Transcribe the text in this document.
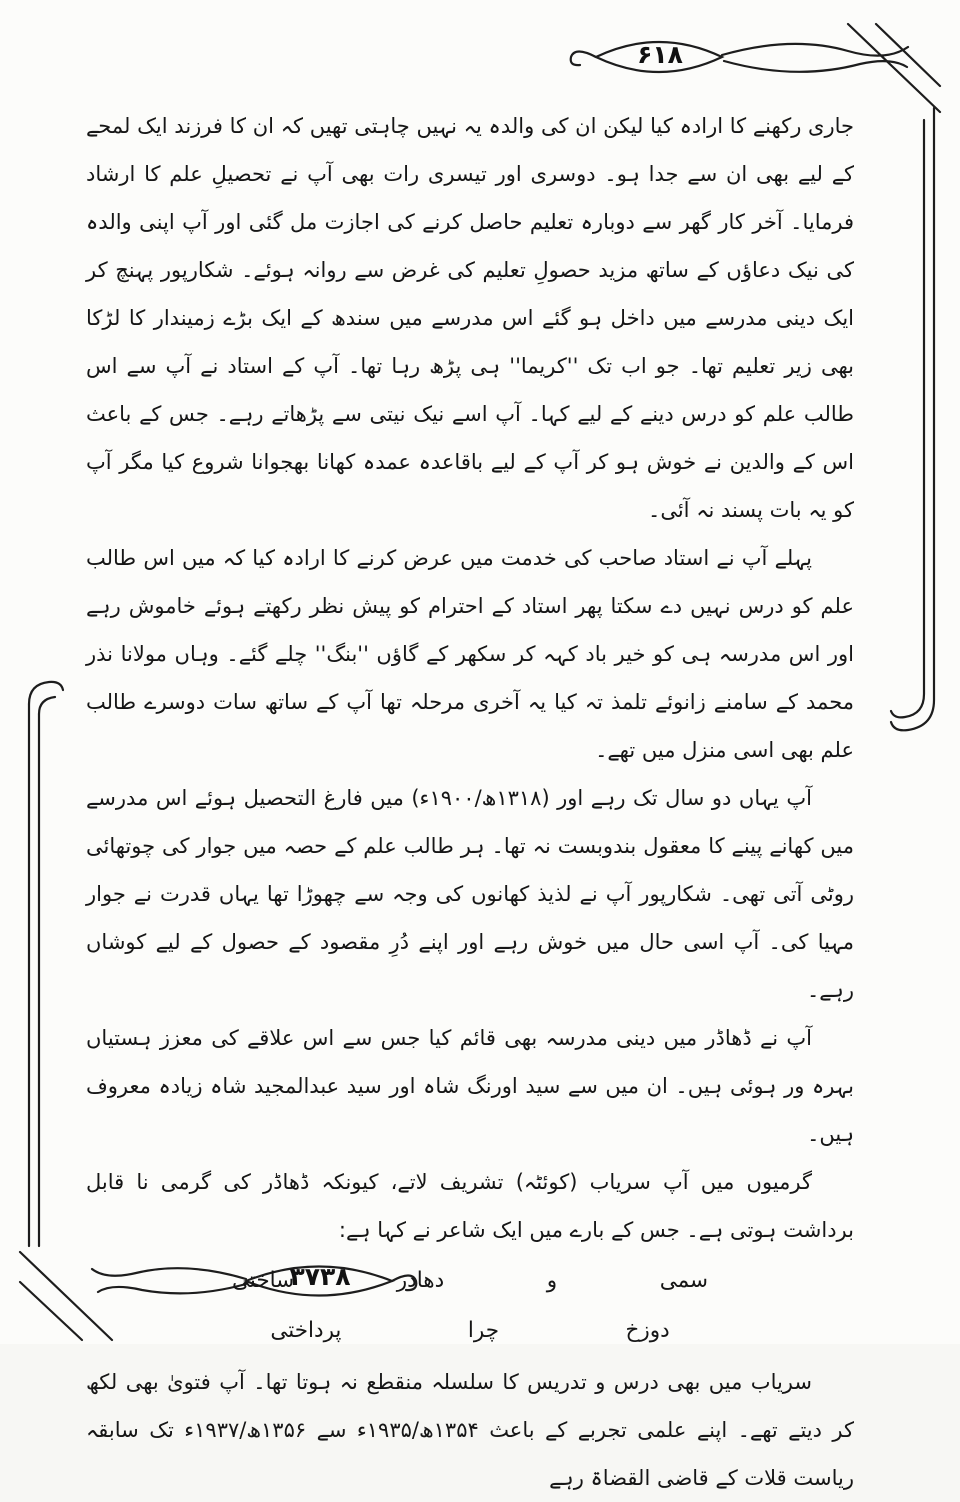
۶۱۸
۳۷۳۸

جاری رکھنے کا ارادہ کیا لیکن ان کی والدہ یہ نہیں چاہتی تھیں کہ ان کا فرزند ایک لمحے کے لیے بھی ان سے جدا ہو۔ دوسری اور تیسری رات بھی آپ نے تحصیلِ علم کا ارشاد فرمایا۔ آخر کار گھر سے دوبارہ تعلیم حاصل کرنے کی اجازت مل گئی اور آپ اپنی والدہ کی نیک دعاؤں کے ساتھ مزید حصولِ تعلیم کی غرض سے روانہ ہوئے۔ شکارپور پہنچ کر ایک دینی مدرسے میں داخل ہو گئے اس مدرسے میں سندھ کے ایک بڑے زمیندار کا لڑکا بھی زیر تعلیم تھا۔ جو اب تک ''کریما'' ہی پڑھ رہا تھا۔ آپ کے استاد نے آپ سے اس طالب علم کو درس دینے کے لیے کہا۔ آپ اسے نیک نیتی سے پڑھاتے رہے۔ جس کے باعث اس کے والدین نے خوش ہو کر آپ کے لیے باقاعدہ عمدہ کھانا بھجوانا شروع کیا مگر آپ کو یہ بات پسند نہ آئی۔

پہلے آپ نے استاد صاحب کی خدمت میں عرض کرنے کا ارادہ کیا کہ میں اس طالب علم کو درس نہیں دے سکتا پھر استاد کے احترام کو پیش نظر رکھتے ہوئے خاموش رہے اور اس مدرسہ ہی کو خیر باد کہہ کر سکھر کے گاؤں ''بنگ'' چلے گئے۔ وہاں مولانا نذر محمد کے سامنے زانوئے تلمذ تہ کیا یہ آخری مرحلہ تھا آپ کے ساتھ سات دوسرے طالب علم بھی اسی منزل میں تھے۔

آپ یہاں دو سال تک رہے اور (۱۳۱۸ھ/۱۹۰۰ء) میں فارغ التحصیل ہوئے اس مدرسے میں کھانے پینے کا معقول بندوبست نہ تھا۔ ہر طالب علم کے حصہ میں جوار کی چوتھائی روٹی آتی تھی۔ شکارپور آپ نے لذیذ کھانوں کی وجہ سے چھوڑا تھا یہاں قدرت نے جوار مہیا کی۔ آپ اسی حال میں خوش رہے اور اپنے دُرِ مقصود کے حصول کے لیے کوشاں رہے۔

آپ نے ڈھاڈر میں دینی مدرسہ بھی قائم کیا جس سے اس علاقے کی معزز ہستیاں بہرہ ور ہوئی ہیں۔ ان میں سے سید اورنگ شاہ اور سید عبدالمجید شاہ زیادہ معروف ہیں۔

گرمیوں میں آپ سریاب (کوئٹہ) تشریف لاتے، کیونکہ ڈھاڈر کی گرمی نا قابل برداشت ہوتی ہے۔ جس کے بارے میں ایک شاعر نے کہا ہے:

سمی
و
دھادر
ساختی
دوزخ
چرا
پرداختی

سریاب میں بھی درس و تدریس کا سلسلہ منقطع نہ ہوتا تھا۔ آپ فتویٰ بھی لکھ کر دیتے تھے۔ اپنے علمی تجربے کے باعث ۱۳۵۴ھ/۱۹۳۵ء سے ۱۳۵۶ھ/۱۹۳۷ء تک سابقہ ریاست قلات کے قاضی القضاۃ رہے
